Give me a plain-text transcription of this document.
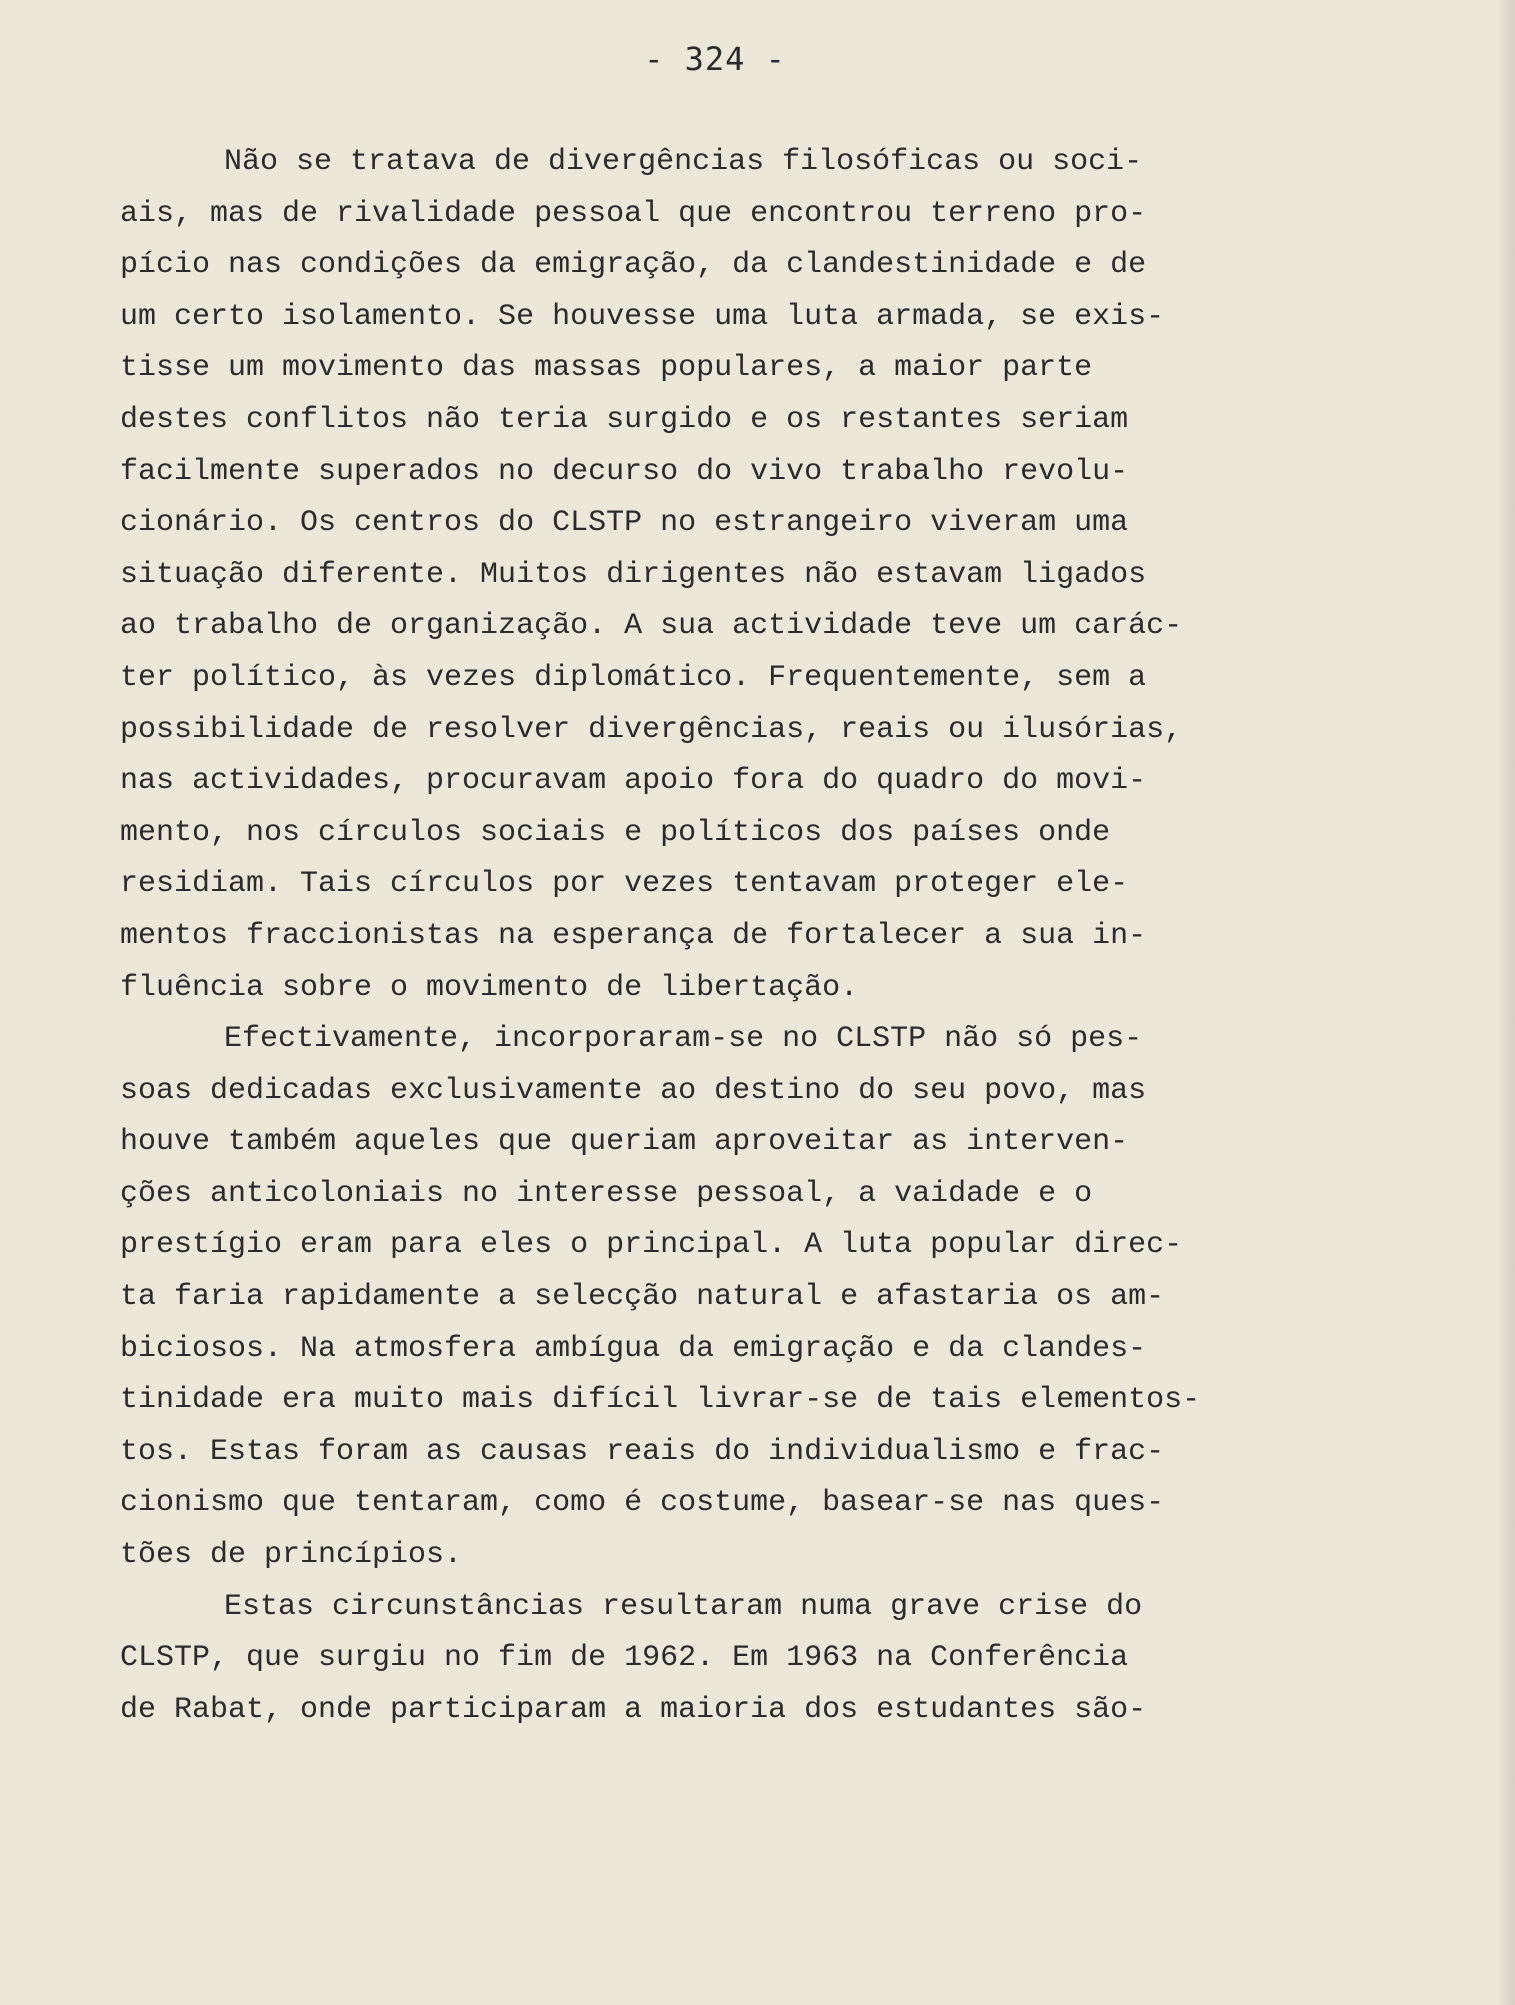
- 324 -
Não se tratava de divergências filosóficas ou soci-
ais, mas de rivalidade pessoal que encontrou terreno pro-
pício nas condições da emigração, da clandestinidade e de
um certo isolamento. Se houvesse uma luta armada, se exis-
tisse um movimento das massas populares, a maior parte
destes conflitos não teria surgido e os restantes seriam
facilmente superados no decurso do vivo trabalho revolu-
cionário. Os centros do CLSTP no estrangeiro viveram uma
situação diferente. Muitos dirigentes não estavam ligados
ao trabalho de organização. A sua actividade teve um carác-
ter político, às vezes diplomático. Frequentemente, sem a
possibilidade de resolver divergências, reais ou ilusórias,
nas actividades, procuravam apoio fora do quadro do movi-
mento, nos círculos sociais e políticos dos países onde
residiam. Tais círculos por vezes tentavam proteger ele-
mentos fraccionistas na esperança de fortalecer a sua in-
fluência sobre o movimento de libertação.
Efectivamente, incorporaram-se no CLSTP não só pes-
soas dedicadas exclusivamente ao destino do seu povo, mas
houve também aqueles que queriam aproveitar as interven-
ções anticoloniais no interesse pessoal, a vaidade e o
prestígio eram para eles o principal. A luta popular direc-
ta faria rapidamente a selecção natural e afastaria os am-
biciosos. Na atmosfera ambígua da emigração e da clandes-
tinidade era muito mais difícil livrar-se de tais elementos-
tos. Estas foram as causas reais do individualismo e frac-
cionismo que tentaram, como é costume, basear-se nas ques-
tões de princípios.
Estas circunstâncias resultaram numa grave crise do
CLSTP, que surgiu no fim de 1962. Em 1963 na Conferência
de Rabat, onde participaram a maioria dos estudantes são-
